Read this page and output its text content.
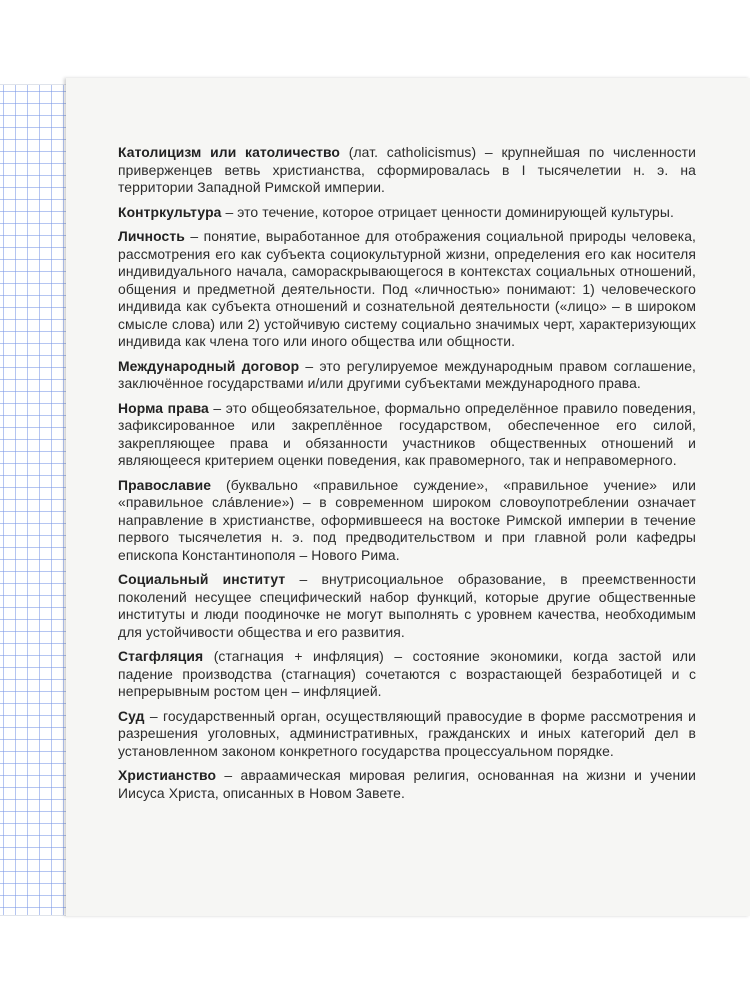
Католицизм или католичество (лат. catholicismus) – крупнейшая по численности приверженцев ветвь христианства, сформировалась в I тысячелетии н. э. на территории Западной Римской империи.

Контркультура – это течение, которое отрицает ценности доминирующей культуры.

Личность – понятие, выработанное для отображения социальной природы человека, рассмотрения его как субъекта социокультурной жизни, определения его как носителя индивидуального начала, самораскрывающегося в контекстах социальных отношений, общения и предметной деятельности. Под «личностью» понимают: 1) человеческого индивида как субъекта отношений и сознательной деятельности («лицо» – в широком смысле слова) или 2) устойчивую систему социально значимых черт, характеризующих индивида как члена того или иного общества или общности.

Международный договор – это регулируемое международным правом соглашение, заключённое государствами и/или другими субъектами международного права.

Норма права – это общеобязательное, формально определённое правило поведения, зафиксированное или закреплённое государством, обеспеченное его силой, закрепляющее права и обязанности участников общественных отношений и являющееся критерием оценки поведения, как правомерного, так и неправомерного.

Православие (буквально «правильное суждение», «правильное учение» или «правильное сла́вление») – в современном широком словоупотреблении означает направление в христианстве, оформившееся на востоке Римской империи в течение первого тысячелетия н. э. под предводительством и при главной роли кафедры епископа Константинополя – Нового Рима.

Социальный институт – внутрисоциальное образование, в преемственности поколений несущее специфический набор функций, которые другие общественные институты и люди поодиночке не могут выполнять с уровнем качества, необходимым для устойчивости общества и его развития.

Стагфляция (стагнация + инфляция) – состояние экономики, когда застой или падение производства (стагнация) сочетаются с возрастающей безработицей и с непрерывным ростом цен – инфляцией.

Суд – государственный орган, осуществляющий правосудие в форме рассмотрения и разрешения уголовных, административных, гражданских и иных категорий дел в установленном законом конкретного государства процессуальном порядке.

Христианство – авраамическая мировая религия, основанная на жизни и учении Иисуса Христа, описанных в Новом Завете.
